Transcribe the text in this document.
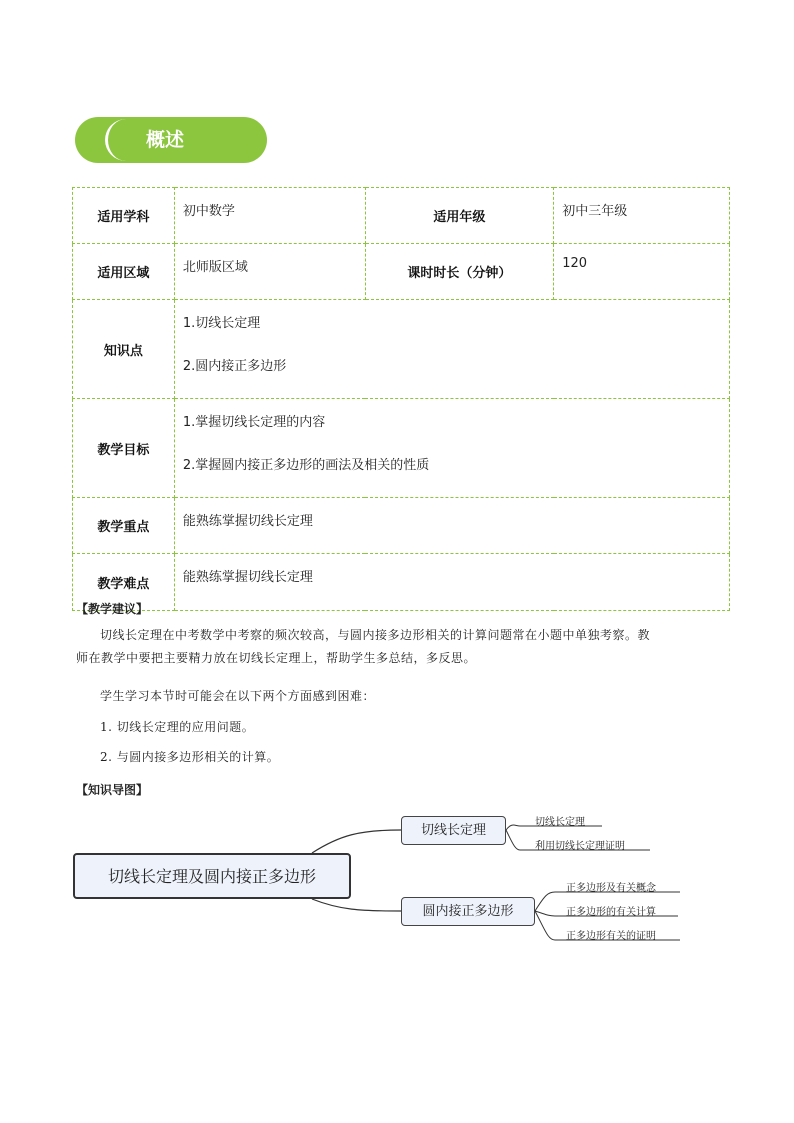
概述
适用学科	初中数学	适用年级	初中三年级
适用区域	北师版区域	课时时长（分钟）	120
知识点	1.切线长定理

2.圆内接正多边形		

教学目标	1.掌握切线长定理的内容

2.掌握圆内接正多边形的画法及相关的性质		

教学重点	能熟练掌握切线长定理		
教学难点	能熟练掌握切线长定理		
【教学建议】
切线长定理在中考数学中考察的频次较高，与圆内接多边形相关的计算问题常在小题中单独考察。教
师在教学中要把主要精力放在切线长定理上，帮助学生多总结，多反思。
学生学习本节时可能会在以下两个方面感到困难：
1. 切线长定理的应用问题。
2. 与圆内接多边形相关的计算。
【知识导图】
切线长定理及圆内接正多边形
切线长定理
圆内接正多边形
切线长定理
利用切线长定理证明
正多边形及有关概念
正多边形的有关计算
正多边形有关的证明
